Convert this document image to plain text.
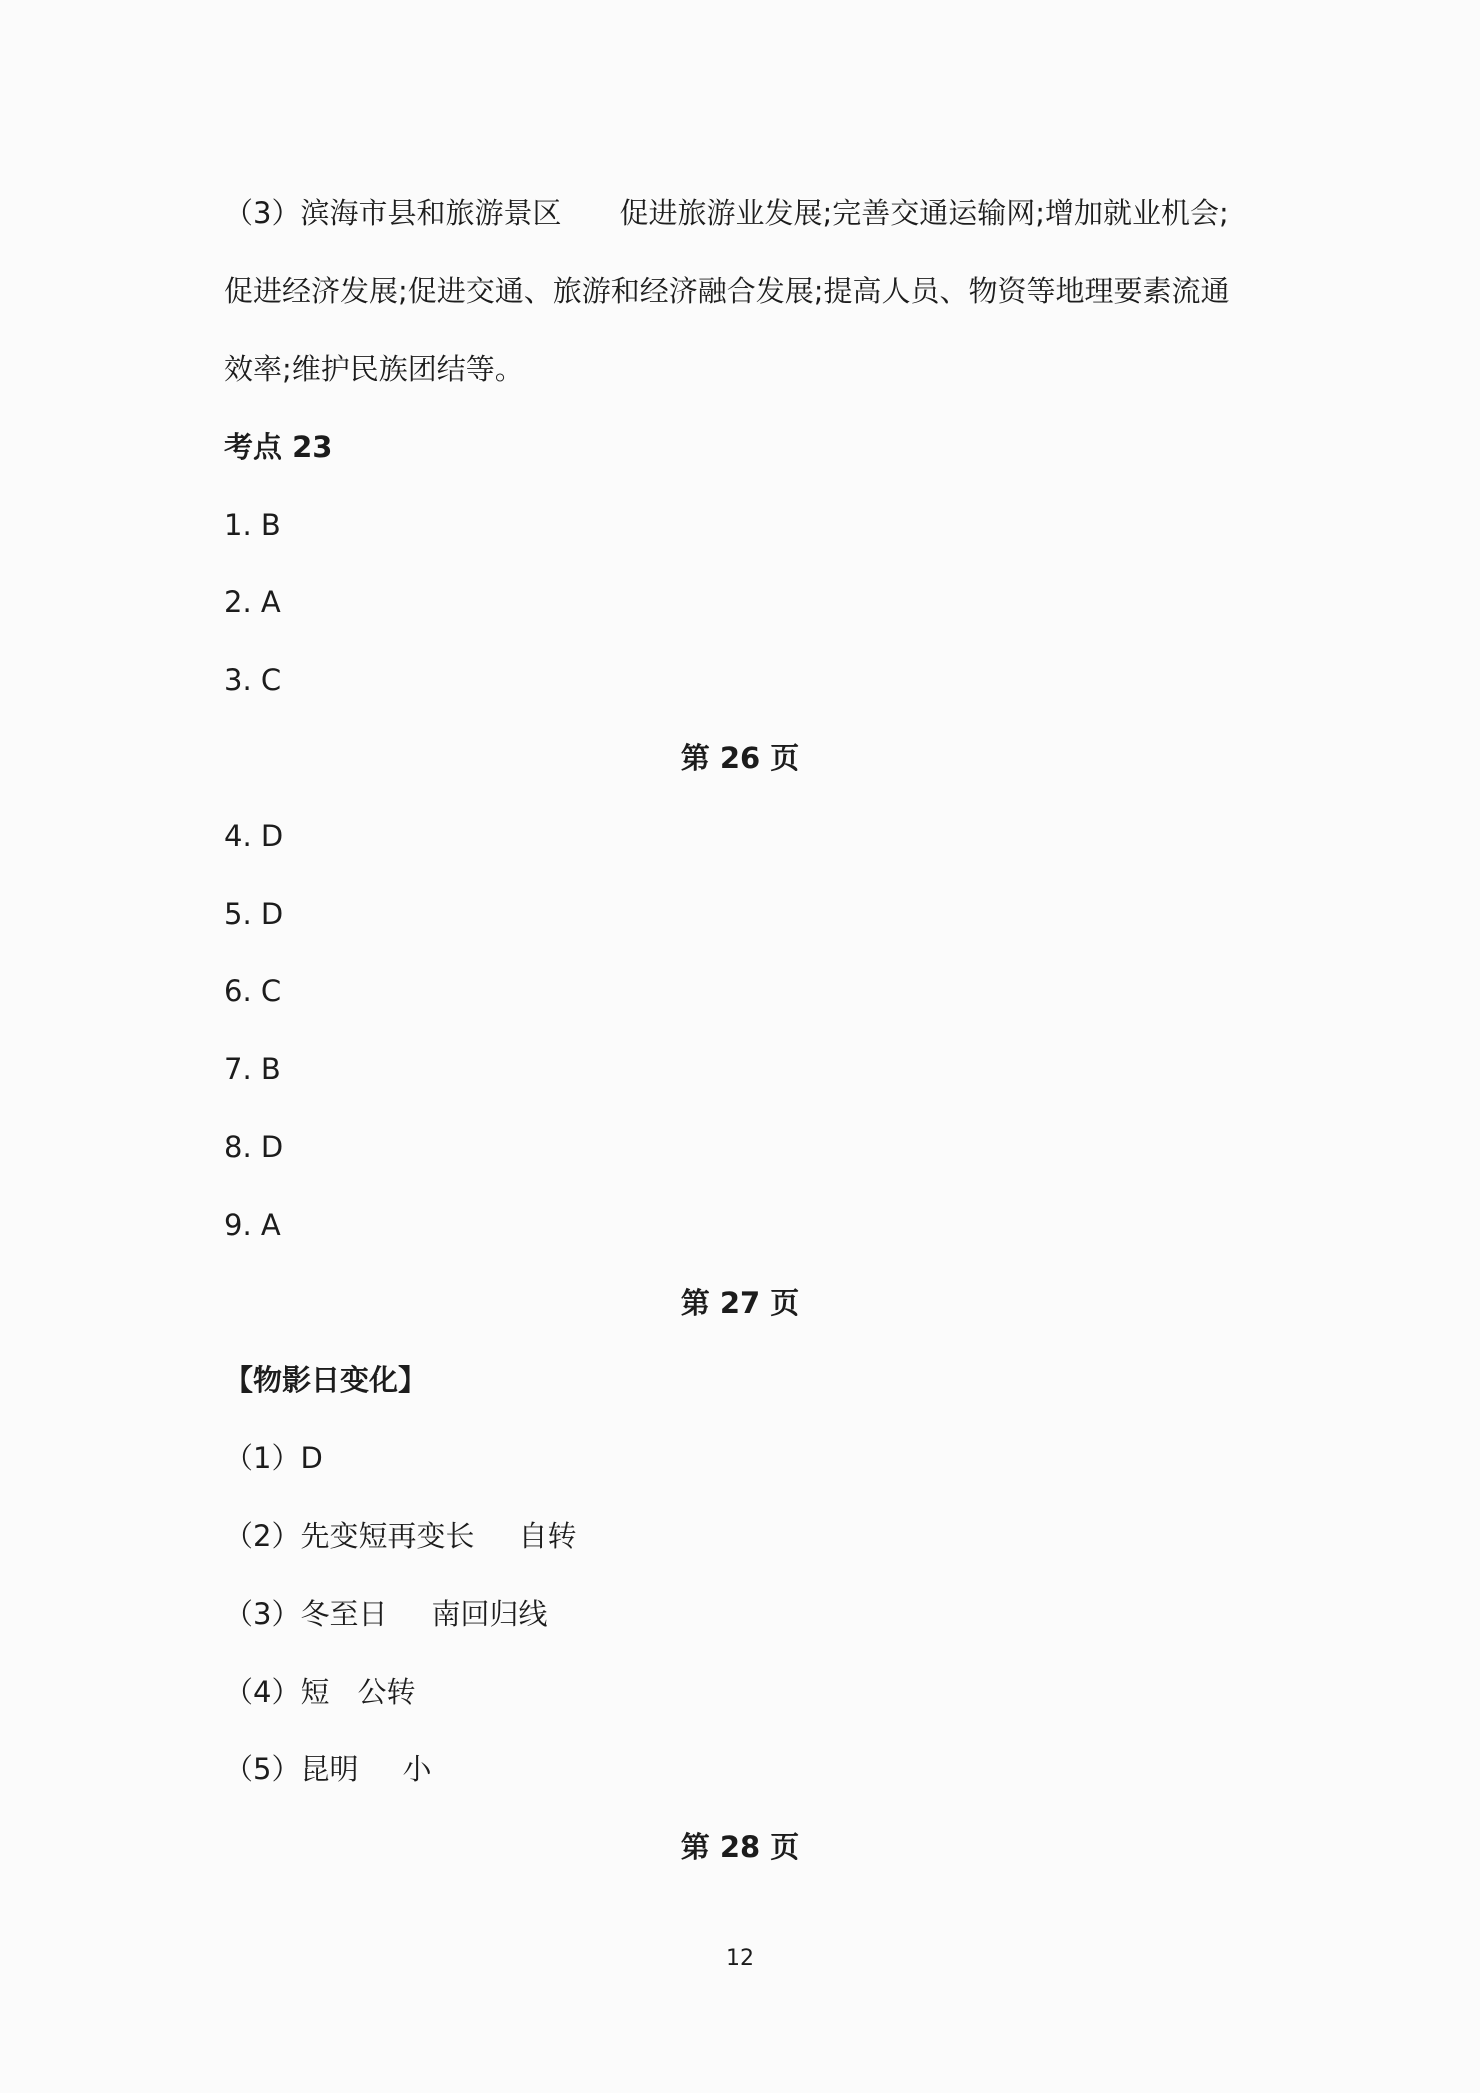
（3）滨海市县和旅游景区 促进旅游业发展;完善交通运输网;增加就业机会;
促进经济发展;促进交通、旅游和经济融合发展;提高人员、物资等地理要素流通
效率;维护民族团结等。
考点 23
1. B
2. A
3. C
第 26 页
4. D
5. D
6. C
7. B
8. D
9. A
第 27 页
【物影日变化】
（1）D
（2）先变短再变长 自转
（3）冬至日 南回归线
（4）短 公转
（5）昆明 小
第 28 页
12
